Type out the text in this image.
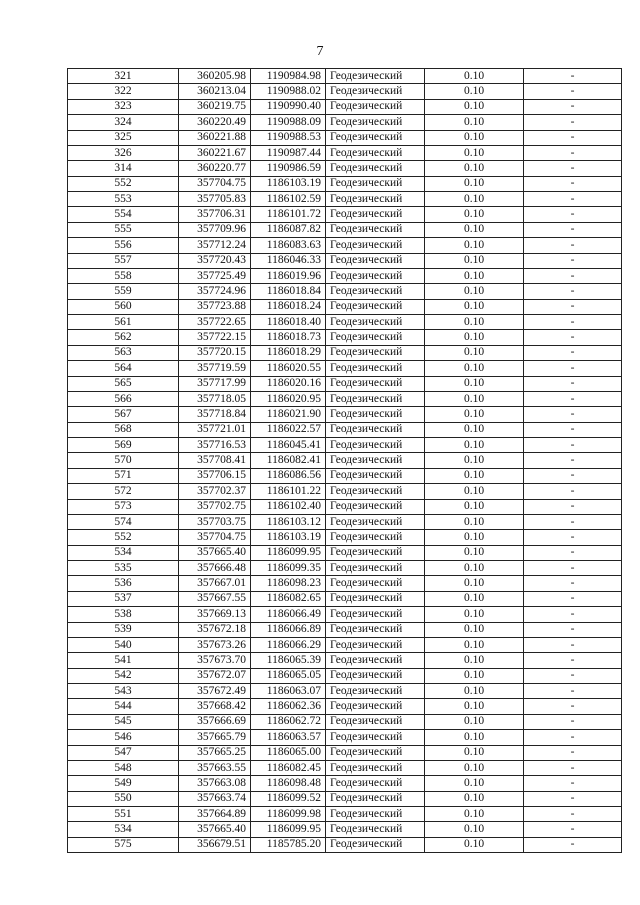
7
321	360205.98	1190984.98	Геодезический	0.10	-
322	360213.04	1190988.02	Геодезический	0.10	-
323	360219.75	1190990.40	Геодезический	0.10	-
324	360220.49	1190988.09	Геодезический	0.10	-
325	360221.88	1190988.53	Геодезический	0.10	-
326	360221.67	1190987.44	Геодезический	0.10	-
314	360220.77	1190986.59	Геодезический	0.10	-
552	357704.75	1186103.19	Геодезический	0.10	-
553	357705.83	1186102.59	Геодезический	0.10	-
554	357706.31	1186101.72	Геодезический	0.10	-
555	357709.96	1186087.82	Геодезический	0.10	-
556	357712.24	1186083.63	Геодезический	0.10	-
557	357720.43	1186046.33	Геодезический	0.10	-
558	357725.49	1186019.96	Геодезический	0.10	-
559	357724.96	1186018.84	Геодезический	0.10	-
560	357723.88	1186018.24	Геодезический	0.10	-
561	357722.65	1186018.40	Геодезический	0.10	-
562	357722.15	1186018.73	Геодезический	0.10	-
563	357720.15	1186018.29	Геодезический	0.10	-
564	357719.59	1186020.55	Геодезический	0.10	-
565	357717.99	1186020.16	Геодезический	0.10	-
566	357718.05	1186020.95	Геодезический	0.10	-
567	357718.84	1186021.90	Геодезический	0.10	-
568	357721.01	1186022.57	Геодезический	0.10	-
569	357716.53	1186045.41	Геодезический	0.10	-
570	357708.41	1186082.41	Геодезический	0.10	-
571	357706.15	1186086.56	Геодезический	0.10	-
572	357702.37	1186101.22	Геодезический	0.10	-
573	357702.75	1186102.40	Геодезический	0.10	-
574	357703.75	1186103.12	Геодезический	0.10	-
552	357704.75	1186103.19	Геодезический	0.10	-
534	357665.40	1186099.95	Геодезический	0.10	-
535	357666.48	1186099.35	Геодезический	0.10	-
536	357667.01	1186098.23	Геодезический	0.10	-
537	357667.55	1186082.65	Геодезический	0.10	-
538	357669.13	1186066.49	Геодезический	0.10	-
539	357672.18	1186066.89	Геодезический	0.10	-
540	357673.26	1186066.29	Геодезический	0.10	-
541	357673.70	1186065.39	Геодезический	0.10	-
542	357672.07	1186065.05	Геодезический	0.10	-
543	357672.49	1186063.07	Геодезический	0.10	-
544	357668.42	1186062.36	Геодезический	0.10	-
545	357666.69	1186062.72	Геодезический	0.10	-
546	357665.79	1186063.57	Геодезический	0.10	-
547	357665.25	1186065.00	Геодезический	0.10	-
548	357663.55	1186082.45	Геодезический	0.10	-
549	357663.08	1186098.48	Геодезический	0.10	-
550	357663.74	1186099.52	Геодезический	0.10	-
551	357664.89	1186099.98	Геодезический	0.10	-
534	357665.40	1186099.95	Геодезический	0.10	-
575	356679.51	1185785.20	Геодезический	0.10	-
